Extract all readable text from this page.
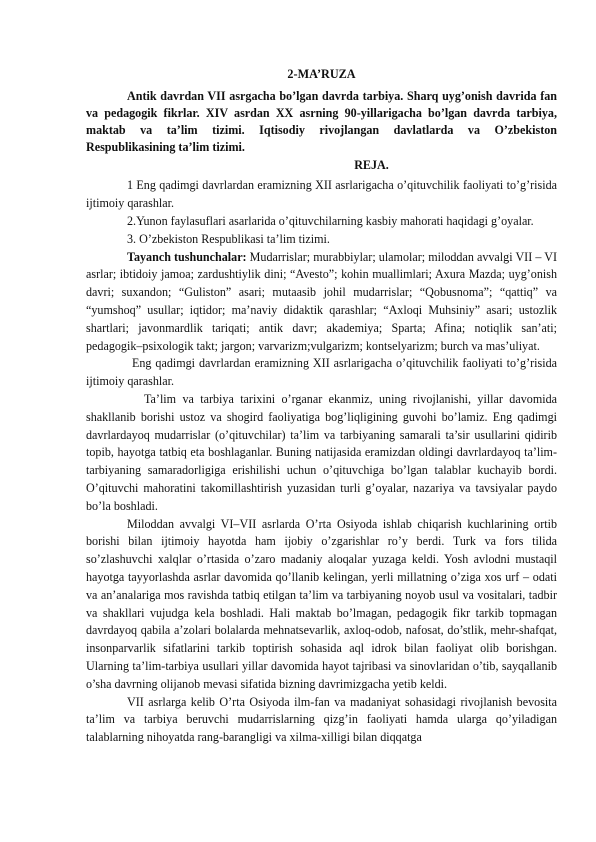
2-MA’RUZA

Antik davrdan VII asrgacha bo’lgan davrda tarbiya. Sharq uyg’onish davrida fan va pedagogik fikrlar. XIV asrdan XX asrning 90-yillarigacha bo’lgan davrda tarbiya, maktab va ta’lim tizimi. Iqtisodiy rivojlangan davlatlarda va O’zbekiston Respublikasining ta’lim tizimi.

REJA.

1 Eng qadimgi davrlardan eramizning XII asrlarigacha o’qituvchilik faoliyati to’g’risida ijtimoiy qarashlar.

2.Yunon faylasuflari asarlarida o’qituvchilarning kasbiy mahorati haqidagi g’oyalar.

3. O’zbekiston Respublikasi ta’lim tizimi.

Tayanch tushunchalar: Mudarrislar; murabbiylar; ulamolar; miloddan avvalgi VII – VI asrlar; ibtidoiy jamoa; zardushtiylik dini; “Avesto”; kohin muallimlari; Axura Mazda; uyg’onish davri; suxandon; “Guliston” asari; mutaasib johil mudarrislar; “Qobusnoma”; “qattiq” va “yumshoq” usullar; iqtidor; ma’naviy didaktik qarashlar; “Axloqi Muhsiniy” asari; ustozlik shartlari; javonmardlik tariqati; antik davr; akademiya; Sparta; Afina; notiqlik san’ati; pedagogik–psixologik takt; jargon; varvarizm;vulgarizm; kontselyarizm; burch va mas’uliyat.

Eng qadimgi davrlardan eramizning XII asrlarigacha o’qituvchilik faoliyati to’g’risida ijtimoiy qarashlar.

Ta’lim va tarbiya tarixini o’rganar ekanmiz, uning rivojlanishi, yillar davomida shakllanib borishi ustoz va shogird faoliyatiga bog’liqligining guvohi bo’lamiz. Eng qadimgi davrlardayoq mudarrislar (o’qituvchilar) ta’lim va tarbiyaning samarali ta’sir usullarini qidirib topib, hayotga tatbiq eta boshlaganlar. Buning natijasida eramizdan oldingi davrlardayoq ta’lim-tarbiyaning samaradorligiga erishilishi uchun o’qituvchiga bo’lgan talablar kuchayib bordi. O’qituvchi mahoratini takomillashtirish yuzasidan turli g’oyalar, nazariya va tavsiyalar paydo bo’la boshladi.

Miloddan avvalgi VI–VII asrlarda O’rta Osiyoda ishlab chiqarish kuchlarining ortib borishi bilan ijtimoiy hayotda ham ijobiy o’zgarishlar ro’y berdi. Turk va fors tilida so’zlashuvchi xalqlar o’rtasida o’zaro madaniy aloqalar yuzaga keldi. Yosh avlodni mustaqil hayotga tayyorlashda asrlar davomida qo’llanib kelingan, yerli millatning o’ziga xos urf – odati va an’analariga mos ravishda tatbiq etilgan ta’lim va tarbiyaning noyob usul va vositalari, tadbir va shakllari vujudga kela boshladi. Hali maktab bo’lmagan, pedagogik fikr tarkib topmagan davrdayoq qabila a’zolari bolalarda mehnatsevarlik, axloq-odob, nafosat, do’stlik, mehr-shafqat, insonparvarlik sifatlarini tarkib toptirish sohasida aql idrok bilan faoliyat olib borishgan. Ularning ta’lim-tarbiya usullari yillar davomida hayot tajribasi va sinovlaridan o’tib, sayqallanib o’sha davrning olijanob mevasi sifatida bizning davrimizgacha yetib keldi.

VII asrlarga kelib O’rta Osiyoda ilm-fan va madaniyat sohasidagi rivojlanish bevosita ta’lim va tarbiya beruvchi mudarrislarning qizg’in faoliyati hamda ularga qo’yiladigan talablarning nihoyatda rang-barangligi va xilma-xilligi bilan diqqatga
